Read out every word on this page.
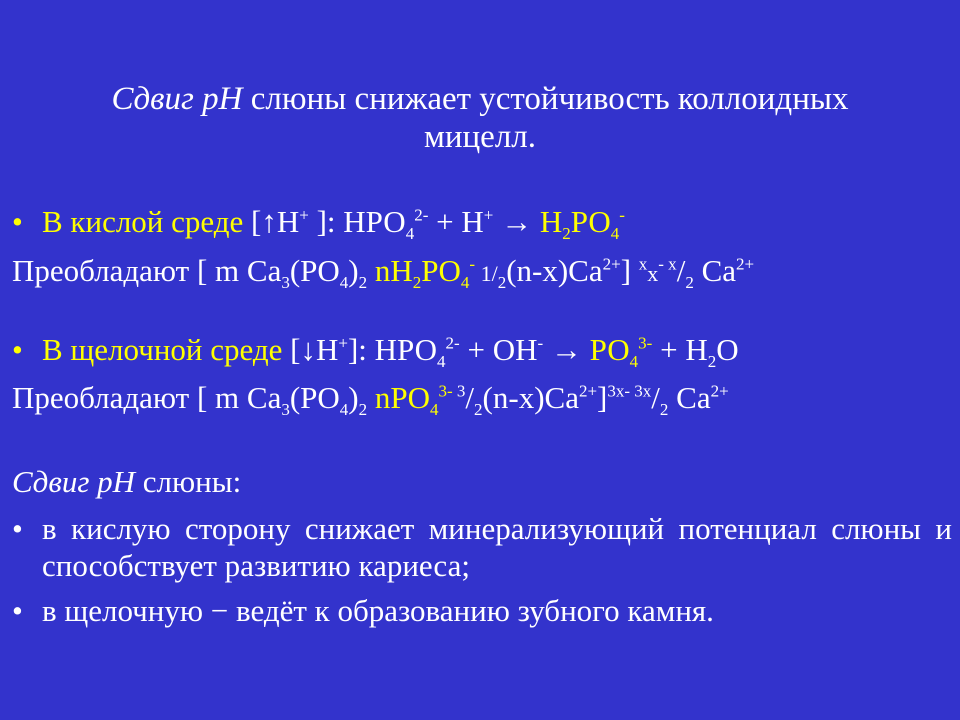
Сдвиг рН слюны снижает устойчивость коллоидных
мицелл.
• В кислой среде [↑Н+ ]: $НРО_4^{2-} + Н^+ \to Н_2РО_4^-$
Преобладают [ m $Ca_3(PO_4)_2$ $nH_2PO_4^-$ $1/_2(n-x)Ca^{2+}$] $^xx^{- x}/_2$ $Ca^{2+}$
• В щелочной среде [↓Н+]: $НРО_4^{2-} + ОН^- \to РО_4^{3-} + Н_2О$
Преобладают [ m $Ca_3(PO_4)_2$ nPO$_4^{3-}$ $^3/_2(n-x)Ca^{2+}]^{3x- 3x}/_2$ $Ca^{2+}$
Сдвиг рН слюны:
• в кислую сторону снижает минерализующий потенциал слюны и способствует развитию кариеса;
• в щелочную − ведёт к образованию зубного камня.
